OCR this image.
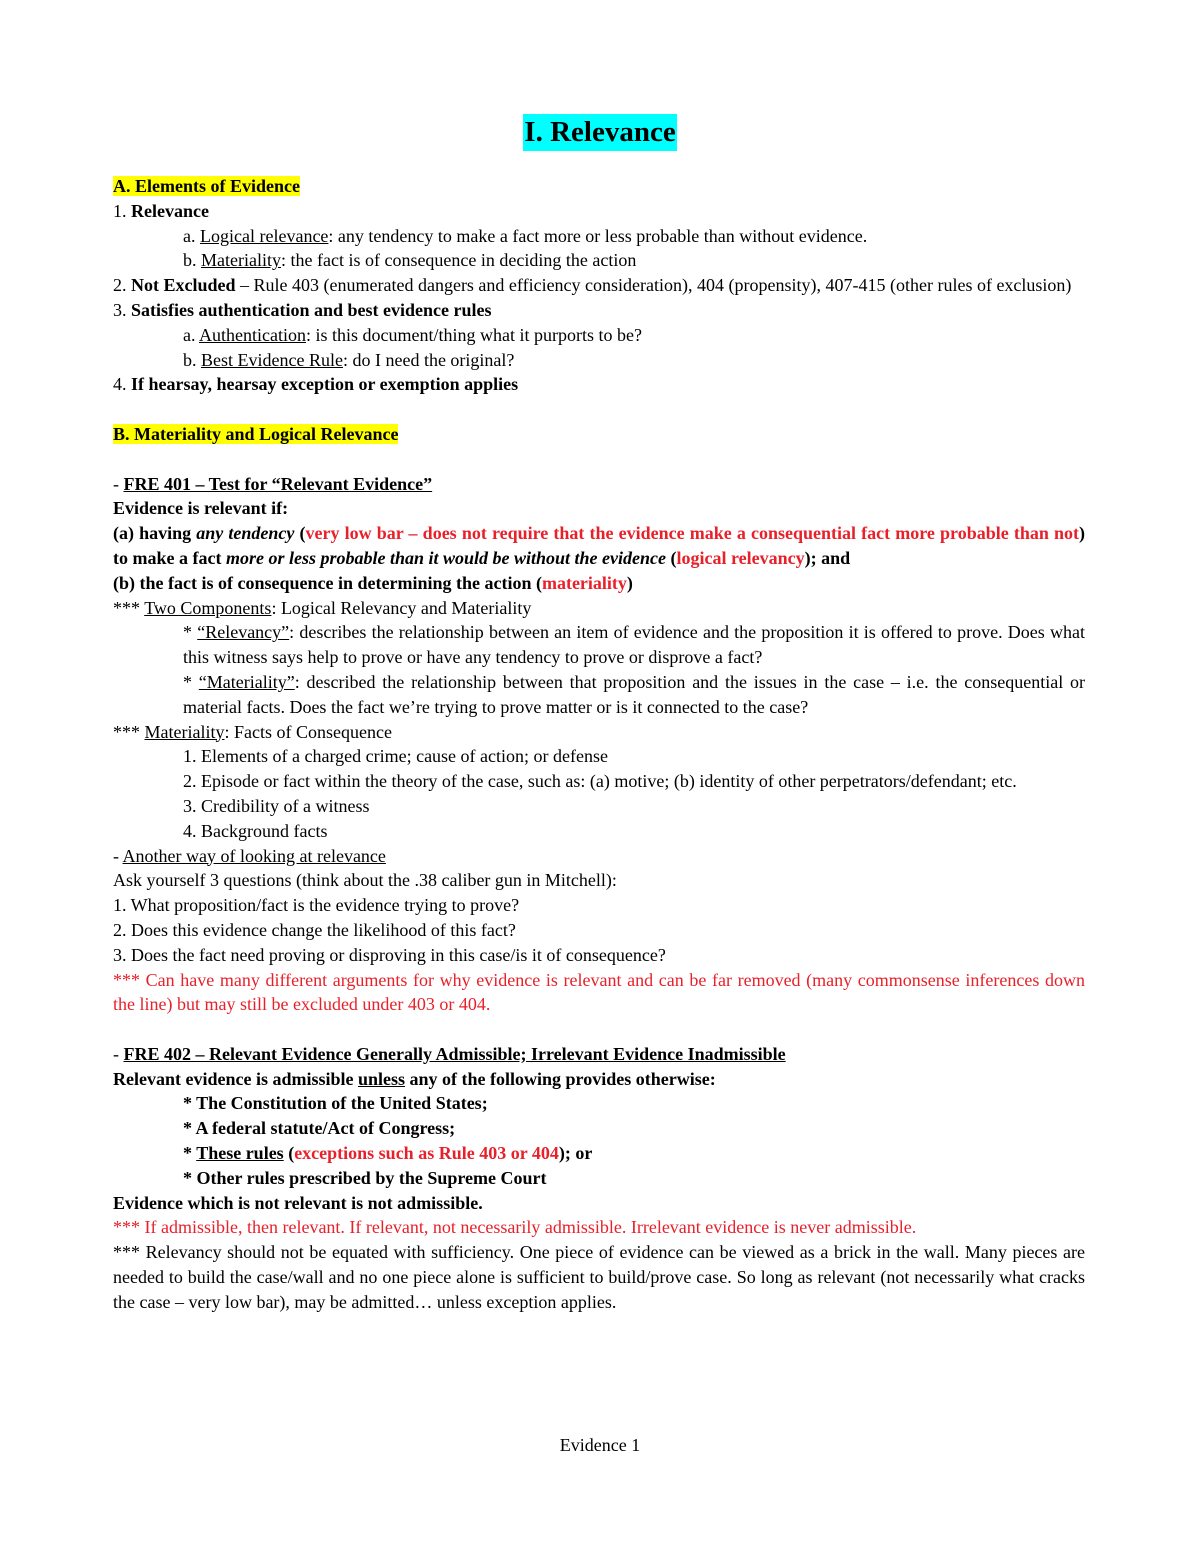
I. Relevance
A. Elements of Evidence
1. Relevance
a. Logical relevance: any tendency to make a fact more or less probable than without evidence.
b. Materiality: the fact is of consequence in deciding the action
2. Not Excluded – Rule 403 (enumerated dangers and efficiency consideration), 404 (propensity), 407-415 (other rules of exclusion)
3. Satisfies authentication and best evidence rules
a. Authentication: is this document/thing what it purports to be?
b. Best Evidence Rule: do I need the original?
4. If hearsay, hearsay exception or exemption applies
B. Materiality and Logical Relevance
- FRE 401 – Test for “Relevant Evidence”
Evidence is relevant if:
(a) having any tendency (very low bar – does not require that the evidence make a consequential fact more probable than not) to make a fact more or less probable than it would be without the evidence (logical relevancy); and
(b) the fact is of consequence in determining the action (materiality)
*** Two Components: Logical Relevancy and Materiality
* “Relevancy”: describes the relationship between an item of evidence and the proposition it is offered to prove. Does what this witness says help to prove or have any tendency to prove or disprove a fact?
* “Materiality”: described the relationship between that proposition and the issues in the case – i.e. the consequential or material facts. Does the fact we’re trying to prove matter or is it connected to the case?
*** Materiality: Facts of Consequence
1. Elements of a charged crime; cause of action; or defense
2. Episode or fact within the theory of the case, such as: (a) motive; (b) identity of other perpetrators/defendant; etc.
3. Credibility of a witness
4. Background facts
- Another way of looking at relevance
Ask yourself 3 questions (think about the .38 caliber gun in Mitchell):
1. What proposition/fact is the evidence trying to prove?
2. Does this evidence change the likelihood of this fact?
3. Does the fact need proving or disproving in this case/is it of consequence?
*** Can have many different arguments for why evidence is relevant and can be far removed (many commonsense inferences down the line) but may still be excluded under 403 or 404.
- FRE 402 – Relevant Evidence Generally Admissible; Irrelevant Evidence Inadmissible
Relevant evidence is admissible unless any of the following provides otherwise:
* The Constitution of the United States;
* A federal statute/Act of Congress;
* These rules (exceptions such as Rule 403 or 404); or
* Other rules prescribed by the Supreme Court
Evidence which is not relevant is not admissible.
*** If admissible, then relevant. If relevant, not necessarily admissible. Irrelevant evidence is never admissible.
*** Relevancy should not be equated with sufficiency. One piece of evidence can be viewed as a brick in the wall. Many pieces are needed to build the case/wall and no one piece alone is sufficient to build/prove case. So long as relevant (not necessarily what cracks the case – very low bar), may be admitted… unless exception applies.
Evidence 1
